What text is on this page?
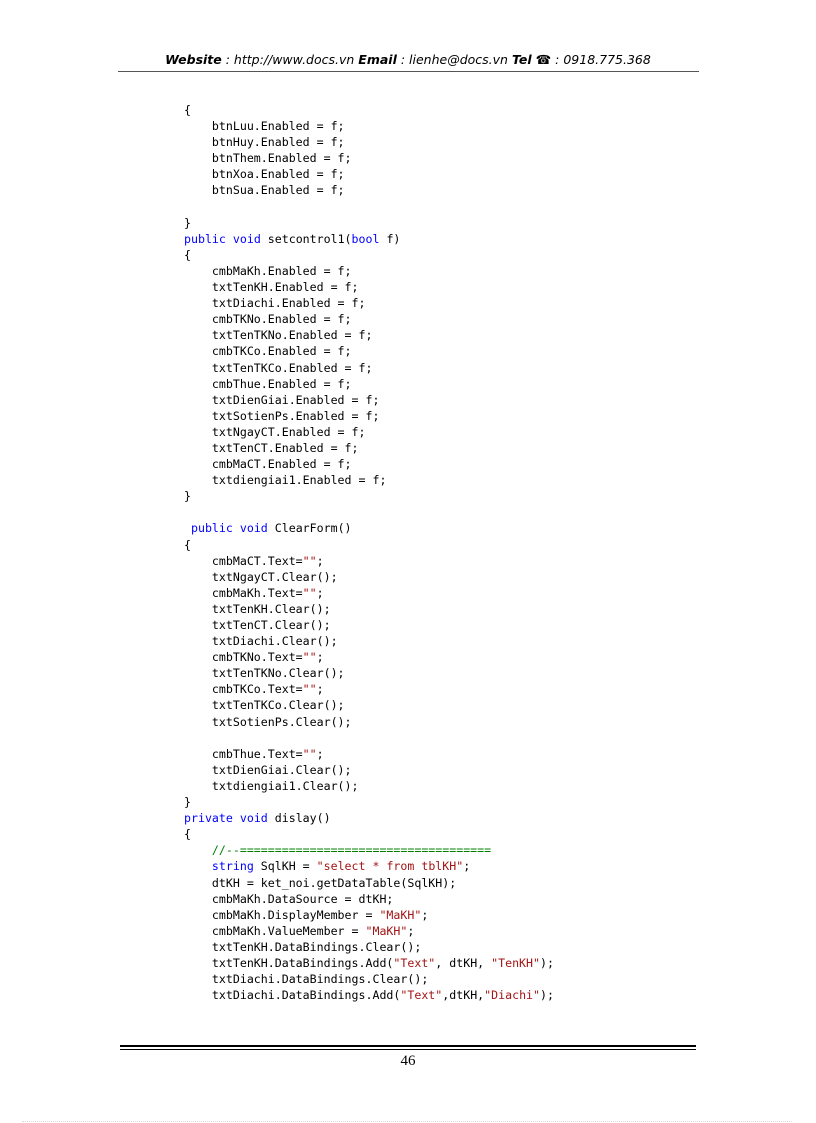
Website : http://www.docs.vn Email : lienhe@docs.vn Tel ☎ : 0918.775.368
{
btnLuu.Enabled = f;
btnHuy.Enabled = f;
btnThem.Enabled = f;
btnXoa.Enabled = f;
btnSua.Enabled = f;
}
public void setcontrol1(bool f)
{
cmbMaKh.Enabled = f;
txtTenKH.Enabled = f;
txtDiachi.Enabled = f;
cmbTKNo.Enabled = f;
txtTenTKNo.Enabled = f;
cmbTKCo.Enabled = f;
txtTenTKCo.Enabled = f;
cmbThue.Enabled = f;
txtDienGiai.Enabled = f;
txtSotienPs.Enabled = f;
txtNgayCT.Enabled = f;
txtTenCT.Enabled = f;
cmbMaCT.Enabled = f;
txtdiengiai1.Enabled = f;
}
public void ClearForm()
{
cmbMaCT.Text="";
txtNgayCT.Clear();
cmbMaKh.Text="";
txtTenKH.Clear();
txtTenCT.Clear();
txtDiachi.Clear();
cmbTKNo.Text="";
txtTenTKNo.Clear();
cmbTKCo.Text="";
txtTenTKCo.Clear();
txtSotienPs.Clear();
cmbThue.Text="";
txtDienGiai.Clear();
txtdiengiai1.Clear();
}
private void dislay()
{
//--====================================
string SqlKH = "select * from tblKH";
dtKH = ket_noi.getDataTable(SqlKH);
cmbMaKh.DataSource = dtKH;
cmbMaKh.DisplayMember = "MaKH";
cmbMaKh.ValueMember = "MaKH";
txtTenKH.DataBindings.Clear();
txtTenKH.DataBindings.Add("Text", dtKH, "TenKH");
txtDiachi.DataBindings.Clear();
txtDiachi.DataBindings.Add("Text",dtKH,"Diachi");
46
